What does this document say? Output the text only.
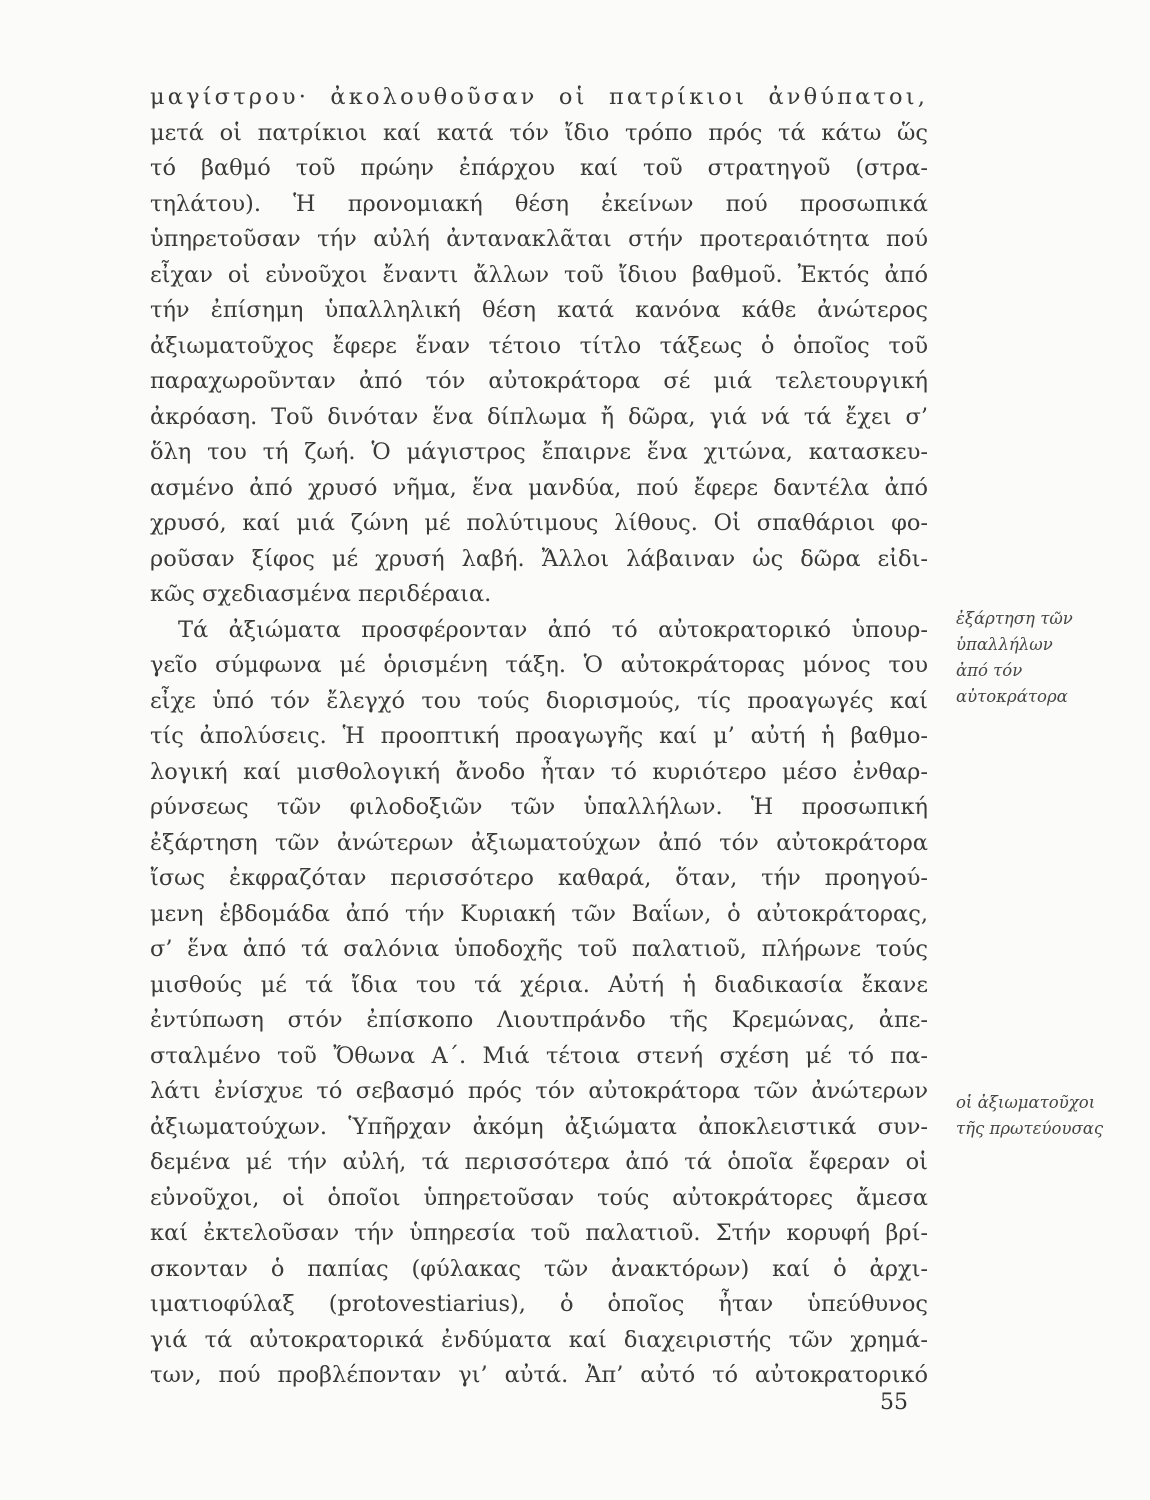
μαγίστρου· ἀκολουθοῦσαν οἱ πατρίκιοι ἀνθύπατοι,
μετά οἱ πατρίκιοι καί κατά τόν ἴδιο τρόπο πρός τά κάτω ὥς
τό βαθμό τοῦ πρώην ἐπάρχου καί τοῦ στρατηγοῦ (στρα-
τηλάτου). Ἡ προνομιακή θέση ἐκείνων πού προσωπικά
ὑπηρετοῦσαν τήν αὐλή ἀντανακλᾶται στήν προτεραιότητα πού
εἶχαν οἱ εὐνοῦχοι ἔναντι ἄλλων τοῦ ἴδιου βαθμοῦ. Ἐκτός ἀπό
τήν ἐπίσημη ὑπαλληλική θέση κατά κανόνα κάθε ἀνώτερος
ἀξιωματοῦχος ἔφερε ἕναν τέτοιο τίτλο τάξεως ὁ ὁποῖος τοῦ
παραχωροῦνταν ἀπό τόν αὐτοκράτορα σέ μιά τελετουργική
ἀκρόαση. Τοῦ δινόταν ἕνα δίπλωμα ἤ δῶρα, γιά νά τά ἔχει σ’
ὅλη του τή ζωή. Ὁ μάγιστρος ἔπαιρνε ἕνα χιτώνα, κατασκευ-
ασμένο ἀπό χρυσό νῆμα, ἕνα μανδύα, πού ἔφερε δαντέλα ἀπό
χρυσό, καί μιά ζώνη μέ πολύτιμους λίθους. Οἱ σπαθάριοι φο-
ροῦσαν ξίφος μέ χρυσή λαβή. Ἄλλοι λάβαιναν ὡς δῶρα εἰδι-
κῶς σχεδιασμένα περιδέραια.
Τά ἀξιώματα προσφέρονταν ἀπό τό αὐτοκρατορικό ὑπουρ-
γεῖο σύμφωνα μέ ὁρισμένη τάξη. Ὁ αὐτοκράτορας μόνος του
εἶχε ὑπό τόν ἔλεγχό του τούς διορισμούς, τίς προαγωγές καί
τίς ἀπολύσεις. Ἡ προοπτική προαγωγῆς καί μ’ αὐτή ἡ βαθμο-
λογική καί μισθολογική ἄνοδο ἦταν τό κυριότερο μέσο ἐνθαρ-
ρύνσεως τῶν φιλοδοξιῶν τῶν ὑπαλλήλων. Ἡ προσωπική
ἐξάρτηση τῶν ἀνώτερων ἀξιωματούχων ἀπό τόν αὐτοκράτορα
ἴσως ἐκφραζόταν περισσότερο καθαρά, ὅταν, τήν προηγού-
μενη ἑβδομάδα ἀπό τήν Κυριακή τῶν Βαΐων, ὁ αὐτοκράτορας,
σ’ ἕνα ἀπό τά σαλόνια ὑποδοχῆς τοῦ παλατιοῦ, πλήρωνε τούς
μισθούς μέ τά ἴδια του τά χέρια. Αὐτή ἡ διαδικασία ἔκανε
ἐντύπωση στόν ἐπίσκοπο Λιουτπράνδο τῆς Κρεμώνας, ἀπε-
σταλμένο τοῦ Ὄθωνα Α΄. Μιά τέτοια στενή σχέση μέ τό πα-
λάτι ἐνίσχυε τό σεβασμό πρός τόν αὐτοκράτορα τῶν ἀνώτερων
ἀξιωματούχων. Ὑπῆρχαν ἀκόμη ἀξιώματα ἀποκλειστικά συν-
δεμένα μέ τήν αὐλή, τά περισσότερα ἀπό τά ὁποῖα ἔφεραν οἱ
εὐνοῦχοι, οἱ ὁποῖοι ὑπηρετοῦσαν τούς αὐτοκράτορες ἄμεσα
καί ἐκτελοῦσαν τήν ὑπηρεσία τοῦ παλατιοῦ. Στήν κορυφή βρί-
σκονταν ὁ παπίας (φύλακας τῶν ἀνακτόρων) καί ὁ ἀρχι-
ιματιοφύλαξ (protovestiarius), ὁ ὁποῖος ἦταν ὑπεύθυνος
γιά τά αὐτοκρατορικά ἐνδύματα καί διαχειριστής τῶν χρημά-
των, πού προβλέπονταν γι’ αὐτά. Ἀπ’ αὐτό τό αὐτοκρατορικό
ἐξάρτηση τῶν
ὑπαλλήλων
ἀπό τόν
αὐτοκράτορα
οἱ ἀξιωματοῦχοι
τῆς πρωτεύουσας
55
